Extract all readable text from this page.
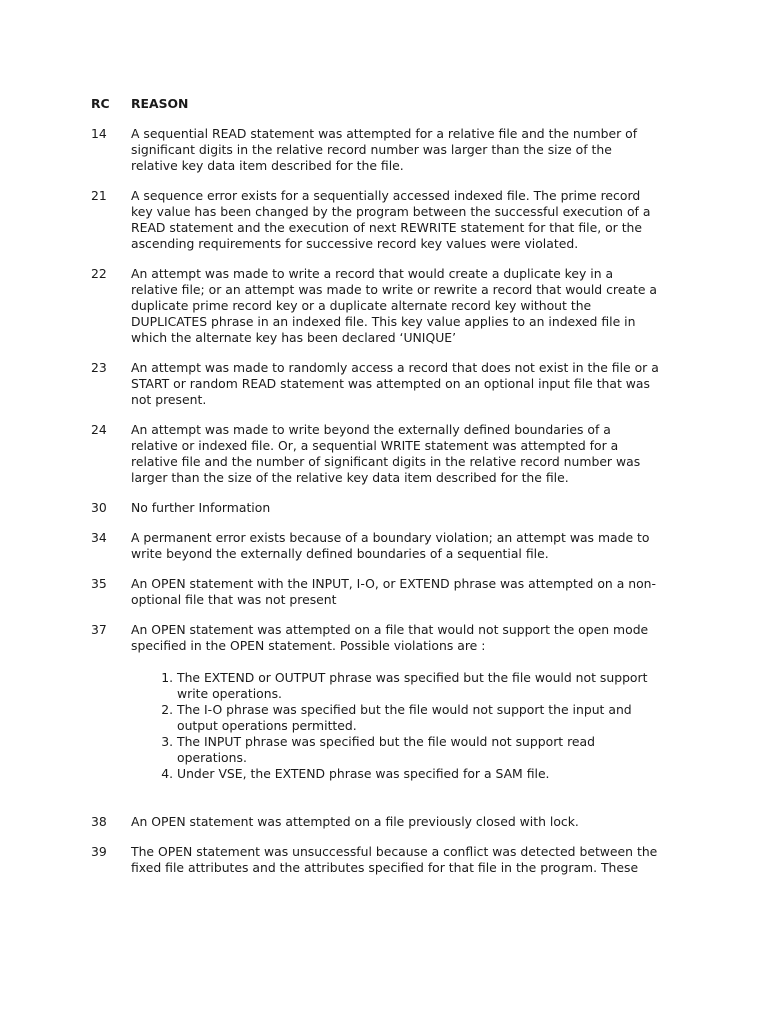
RC	REASON
14	A sequential READ statement was attempted for a relative file and the number of significant digits in the relative record number was larger than the size of the relative key data item described for the file.
21	A sequence error exists for a sequentially accessed indexed file. The prime record key value has been changed by the program between the successful execution of a READ statement and the execution of next REWRITE statement for that file, or the ascending requirements for successive record key values were violated.
22	An attempt was made to write a record that would create a duplicate key in a relative file; or an attempt was made to write or rewrite a record that would create a duplicate prime record key or a duplicate alternate record key without the DUPLICATES phrase in an indexed file. This key value applies to an indexed file in which the alternate key has been declared ‘UNIQUE’
23	An attempt was made to randomly access a record that does not exist in the file or a START or random READ statement was attempted on an optional input file that was not present.
24	An attempt was made to write beyond the externally defined boundaries of a relative or indexed file. Or, a sequential WRITE statement was attempted for a relative file and the number of significant digits in the relative record number was larger than the size of the relative key data item described for the file.
30	No further Information
34	A permanent error exists because of a boundary violation; an attempt was made to write beyond the externally defined boundaries of a sequential file.
35	An OPEN statement with the INPUT, I-O, or EXTEND phrase was attempted on a non-optional file that was not present
37	An OPEN statement was attempted on a file that would not support the open mode specified in the OPEN statement. Possible violations are :
1. The EXTEND or OUTPUT phrase was specified but the file would not support write operations.
2. The I-O phrase was specified but the file would not support the input and output operations permitted.
3. The INPUT phrase was specified but the file would not support read operations.
4. Under VSE, the EXTEND phrase was specified for a SAM file.
38	An OPEN statement was attempted on a file previously closed with lock.
39	The OPEN statement was unsuccessful because a conflict was detected between the fixed file attributes and the attributes specified for that file in the program. These
